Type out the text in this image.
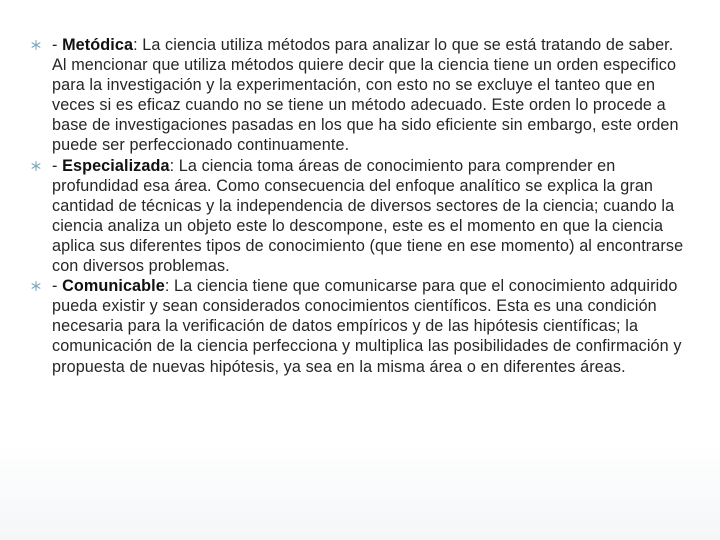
- Metódica: La ciencia utiliza métodos para analizar lo que se está tratando de saber. Al mencionar que utiliza métodos quiere decir que la ciencia tiene un orden especifico para la investigación y la experimentación, con esto no se excluye el tanteo que en veces si es eficaz cuando no se tiene un método adecuado. Este orden lo procede a base de investigaciones pasadas en los que ha sido eficiente sin embargo, este orden puede ser perfeccionado continuamente.
- Especializada: La ciencia toma áreas de conocimiento para comprender en profundidad esa área. Como consecuencia del enfoque analítico se explica la gran cantidad de técnicas y la independencia de diversos sectores de la ciencia; cuando la ciencia analiza un objeto este lo descompone, este es el momento en que la ciencia aplica sus diferentes tipos de conocimiento (que tiene en ese momento) al encontrarse con diversos problemas.
- Comunicable: La ciencia tiene que comunicarse para que el conocimiento adquirido pueda existir y sean considerados conocimientos científicos. Esta es una condición necesaria para la verificación de datos empíricos y de las hipótesis científicas; la comunicación de la ciencia perfecciona y multiplica las posibilidades de confirmación y propuesta de nuevas hipótesis, ya sea en la misma área o en diferentes áreas.
